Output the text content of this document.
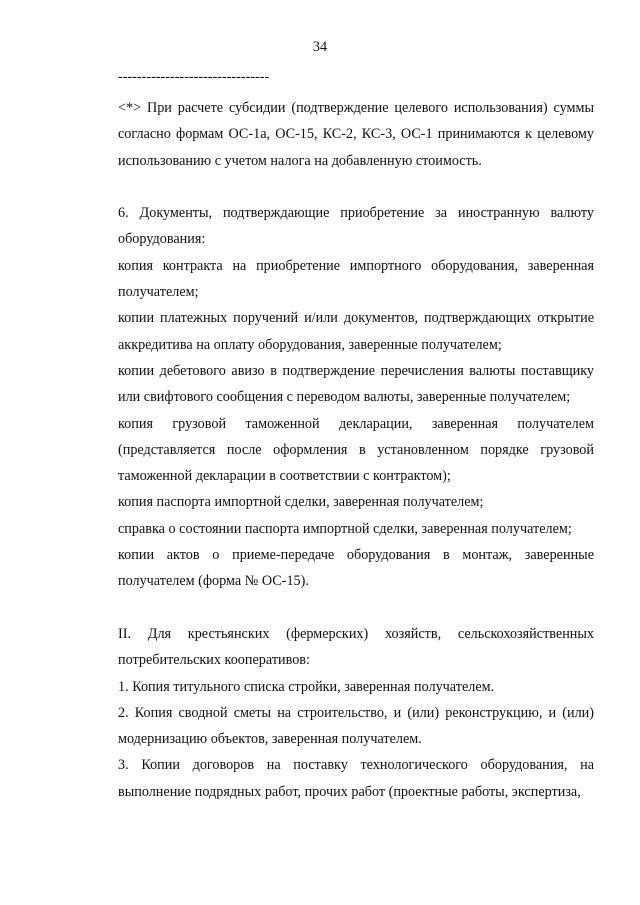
34
--------------------------------

<*> При расчете субсидии (подтверждение целевого использования) суммы согласно формам ОС-1а, ОС-15, КС-2, КС-3, ОС-1 принимаются к целевому использованию с учетом налога на добавленную стоимость.

6. Документы, подтверждающие приобретение за иностранную валюту оборудования:

копия контракта на приобретение импортного оборудования, заверенная получателем;

копии платежных поручений и/или документов, подтверждающих открытие аккредитива на оплату оборудования, заверенные получателем;

копии дебетового авизо в подтверждение перечисления валюты поставщику или свифтового сообщения с переводом валюты, заверенные получателем;

копия грузовой таможенной декларации, заверенная получателем (представляется после оформления в установленном порядке грузовой таможенной декларации в соответствии с контрактом);

копия паспорта импортной сделки, заверенная получателем;

справка о состоянии паспорта импортной сделки, заверенная получателем;

копии актов о приеме-передаче оборудования в монтаж, заверенные получателем (форма № ОС-15).

II. Для крестьянских (фермерских) хозяйств, сельскохозяйственных потребительских кооперативов:

1. Копия титульного списка стройки, заверенная получателем.

2. Копия сводной сметы на строительство, и (или) реконструкцию, и (или) модернизацию объектов, заверенная получателем.

3. Копии договоров на поставку технологического оборудования, на выполнение подрядных работ, прочих работ (проектные работы, экспертиза,
